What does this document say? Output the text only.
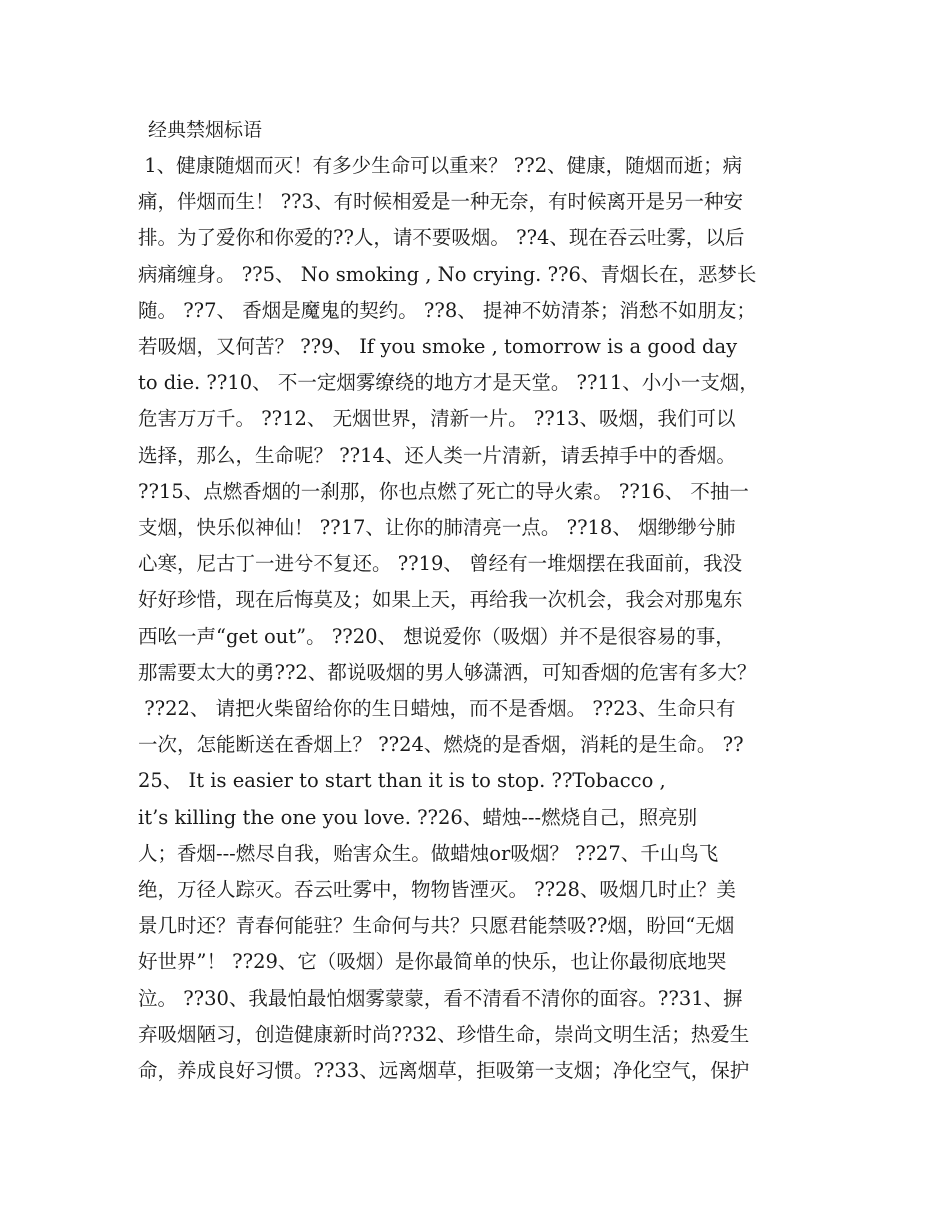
经典禁烟标语

1、健康随烟而灭！有多少生命可以重来？ ??2、健康，随烟而逝；病

痛，伴烟而生！ ??3、有时候相爱是一种无奈，有时候离开是另一种安

排。为了爱你和你爱的??人，请不要吸烟。 ??4、现在吞云吐雾，以后

病痛缠身。 ??5、 No smoking , No crying. ??6、青烟长在，恶梦长

随。 ??7、 香烟是魔鬼的契约。 ??8、 提神不妨清茶；消愁不如朋友；

若吸烟，又何苦？ ??9、 If you smoke , tomorrow is a good day

to die. ??10、 不一定烟雾缭绕的地方才是天堂。 ??11、小小一支烟，

危害万万千。 ??12、 无烟世界，清新一片。 ??13、吸烟，我们可以

选择，那么，生命呢？ ??14、还人类一片清新，请丢掉手中的香烟。

??15、点燃香烟的一刹那，你也点燃了死亡的导火索。 ??16、 不抽一

支烟，快乐似神仙！ ??17、让你的肺清亮一点。 ??18、 烟缈缈兮肺

心寒，尼古丁一进兮不复还。 ??19、 曾经有一堆烟摆在我面前，我没

好好珍惜，现在后悔莫及；如果上天，再给我一次机会，我会对那鬼东

西吆一声“get out”。 ??20、 想说爱你（吸烟）并不是很容易的事，

那需要太大的勇??2、都说吸烟的男人够潇洒，可知香烟的危害有多大？

??22、 请把火柴留给你的生日蜡烛，而不是香烟。 ??23、生命只有

一次，怎能断送在香烟上？ ??24、燃烧的是香烟，消耗的是生命。 ??

25、 It is easier to start than it is to stop. ??Tobacco ,

it’s killing the one you love. ??26、蜡烛---燃烧自己，照亮别

人；香烟---燃尽自我，贻害众生。做蜡烛or吸烟？ ??27、千山鸟飞

绝，万径人踪灭。吞云吐雾中，物物皆湮灭。 ??28、吸烟几时止？美

景几时还？青春何能驻？生命何与共？只愿君能禁吸??烟，盼回“无烟

好世界”！ ??29、它（吸烟）是你最简单的快乐，也让你最彻底地哭

泣。 ??30、我最怕最怕烟雾蒙蒙，看不清看不清你的面容。??31、摒

弃吸烟陋习，创造健康新时尚??32、珍惜生命，崇尚文明生活；热爱生

命，养成良好习惯。??33、远离烟草，拒吸第一支烟；净化空气，保护
